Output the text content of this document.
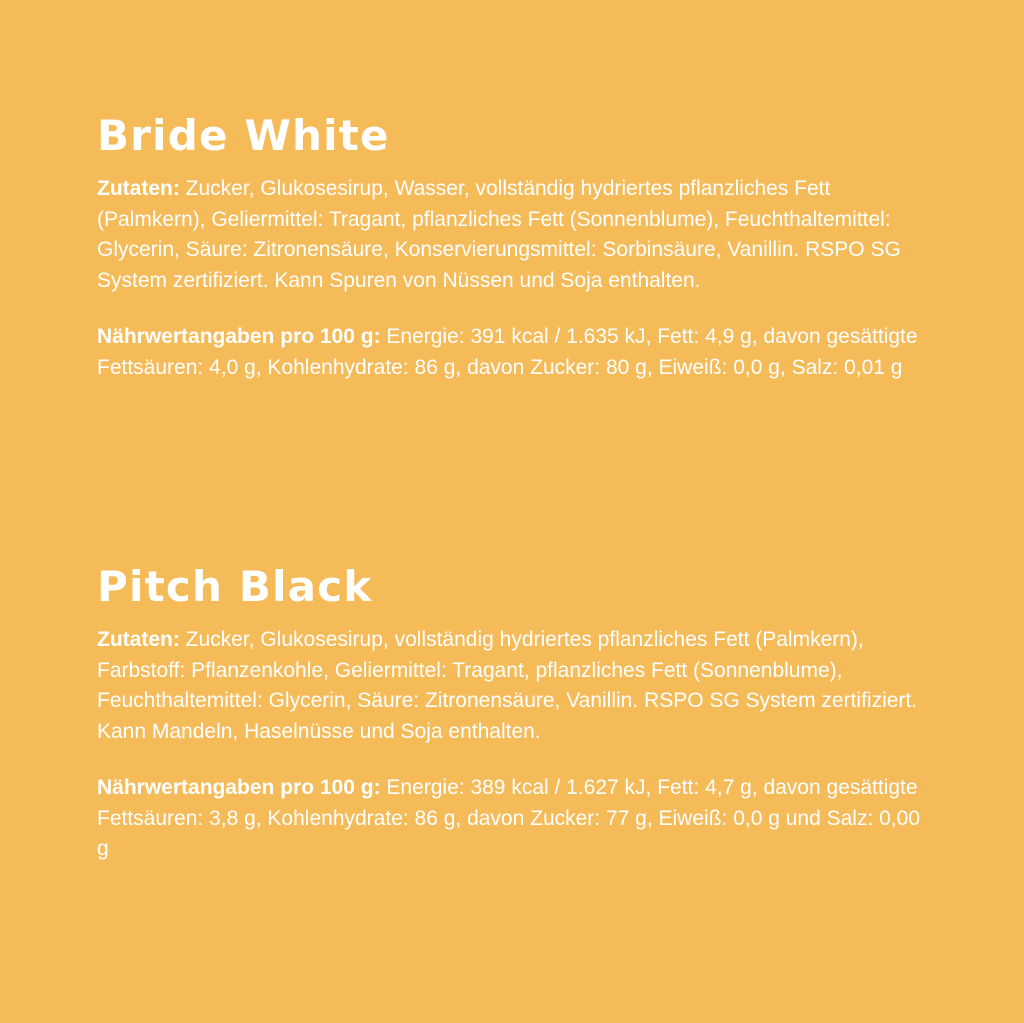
Bride White

Zutaten: Zucker, Glukosesirup, Wasser, vollständig hydriertes pflanzliches Fett (Palmkern), Geliermittel: Tragant, pflanzliches Fett (Sonnenblume), Feuchthaltemittel: Glycerin, Säure: Zitronensäure, Konservierungsmittel: Sorbinsäure, Vanillin. RSPO SG System zertifiziert. Kann Spuren von Nüssen und Soja enthalten.

Nährwertangaben pro 100 g: Energie: 391 kcal / 1.635 kJ, Fett: 4,9 g, davon gesättigte Fettsäuren: 4,0 g, Kohlenhydrate: 86 g, davon Zucker: 80 g, Eiweiß: 0,0 g, Salz: 0,01 g

Pitch Black

Zutaten: Zucker, Glukosesirup, vollständig hydriertes pflanzliches Fett (Palmkern), Farbstoff: Pflanzenkohle, Geliermittel: Tragant, pflanzliches Fett (Sonnenblume), Feuchthaltemittel: Glycerin, Säure: Zitronensäure, Vanillin. RSPO SG System zertifiziert. Kann Mandeln, Haselnüsse und Soja enthalten.

Nährwertangaben pro 100 g: Energie: 389 kcal / 1.627 kJ, Fett: 4,7 g, davon gesättigte Fettsäuren: 3,8 g, Kohlenhydrate: 86 g, davon Zucker: 77 g, Eiweiß: 0,0 g und Salz: 0,00 g
